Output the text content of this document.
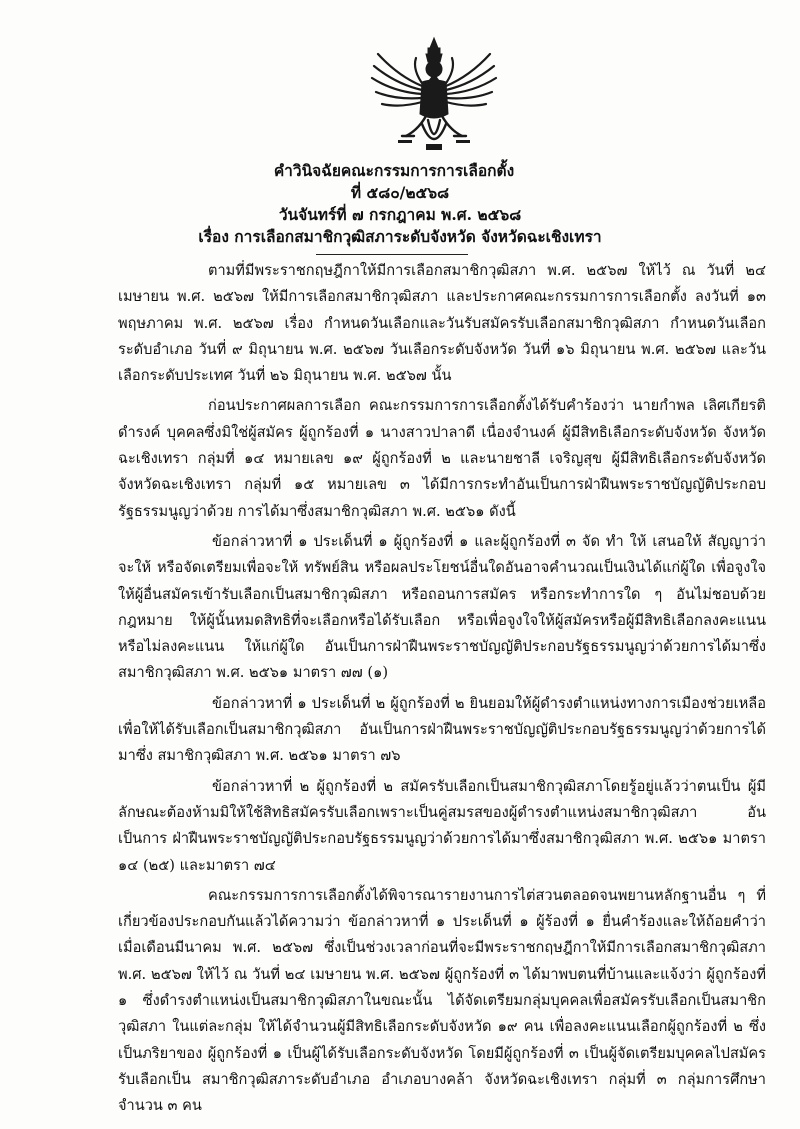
คำวินิจฉัยคณะกรรมการการเลือกตั้ง
ที่ ๕๘๐/๒๕๖๘
วันจันทร์ที่ ๗ กรกฎาคม พ.ศ. ๒๕๖๘
เรื่อง การเลือกสมาชิกวุฒิสภาระดับจังหวัด จังหวัดฉะเชิงเทรา

ตามที่มีพระราชกฤษฎีกาให้มีการเลือกสมาชิกวุฒิสภา พ.ศ. ๒๕๖๗ ให้ไว้ ณ วันที่ ๒๔ เมษายน พ.ศ. ๒๕๖๗ ให้มีการเลือกสมาชิกวุฒิสภา และประกาศคณะกรรมการการเลือกตั้ง ลงวันที่ ๑๓ พฤษภาคม พ.ศ. ๒๕๖๗ เรื่อง กำหนดวันเลือกและวันรับสมัครรับเลือกสมาชิกวุฒิสภา กำหนดวันเลือกระดับอำเภอ วันที่ ๙ มิถุนายน พ.ศ. ๒๕๖๗ วันเลือกระดับจังหวัด วันที่ ๑๖ มิถุนายน พ.ศ. ๒๕๖๗ และวันเลือกระดับประเทศ วันที่ ๒๖ มิถุนายน พ.ศ. ๒๕๖๗ นั้น

ก่อนประกาศผลการเลือก คณะกรรมการการเลือกตั้งได้รับคำร้องว่า นายกำพล เลิศเกียรติดำรงค์ บุคคลซึ่งมิใช่ผู้สมัคร ผู้ถูกร้องที่ ๑ นางสาวปาลาดี เนื่องจำนงค์ ผู้มีสิทธิเลือกระดับจังหวัด จังหวัดฉะเชิงเทรา กลุ่มที่ ๑๔ หมายเลข ๑๙ ผู้ถูกร้องที่ ๒ และนายชาลี เจริญสุข ผู้มีสิทธิเลือกระดับจังหวัด จังหวัดฉะเชิงเทรา กลุ่มที่ ๑๕ หมายเลข ๓ ได้มีการกระทำอันเป็นการฝ่าฝืนพระราชบัญญัติประกอบรัฐธรรมนูญว่าด้วย การได้มาซึ่งสมาชิกวุฒิสภา พ.ศ. ๒๕๖๑ ดังนี้

ข้อกล่าวหาที่ ๑ ประเด็นที่ ๑ ผู้ถูกร้องที่ ๑ และผู้ถูกร้องที่ ๓ จัด ทำ ให้ เสนอให้ สัญญาว่า จะให้ หรือจัดเตรียมเพื่อจะให้ ทรัพย์สิน หรือผลประโยชน์อื่นใดอันอาจคำนวณเป็นเงินได้แก่ผู้ใด เพื่อจูงใจ ให้ผู้อื่นสมัครเข้ารับเลือกเป็นสมาชิกวุฒิสภา หรือถอนการสมัคร หรือกระทำการใด ๆ อันไม่ชอบด้วยกฎหมาย ให้ผู้นั้นหมดสิทธิที่จะเลือกหรือได้รับเลือก หรือเพื่อจูงใจให้ผู้สมัครหรือผู้มีสิทธิเลือกลงคะแนนหรือไม่ลงคะแนน ให้แก่ผู้ใด อันเป็นการฝ่าฝืนพระราชบัญญัติประกอบรัฐธรรมนูญว่าด้วยการได้มาซึ่งสมาชิกวุฒิสภา พ.ศ. ๒๕๖๑ มาตรา ๗๗ (๑)

ข้อกล่าวหาที่ ๑ ประเด็นที่ ๒ ผู้ถูกร้องที่ ๒ ยินยอมให้ผู้ดำรงตำแหน่งทางการเมืองช่วยเหลือ เพื่อให้ได้รับเลือกเป็นสมาชิกวุฒิสภา อันเป็นการฝ่าฝืนพระราชบัญญัติประกอบรัฐธรรมนูญว่าด้วยการได้มาซึ่ง สมาชิกวุฒิสภา พ.ศ. ๒๕๖๑ มาตรา ๗๖

ข้อกล่าวหาที่ ๒ ผู้ถูกร้องที่ ๒ สมัครรับเลือกเป็นสมาชิกวุฒิสภาโดยรู้อยู่แล้วว่าตนเป็น ผู้มีลักษณะต้องห้ามมิให้ใช้สิทธิสมัครรับเลือกเพราะเป็นคู่สมรสของผู้ดำรงตำแหน่งสมาชิกวุฒิสภา อันเป็นการ ฝ่าฝืนพระราชบัญญัติประกอบรัฐธรรมนูญว่าด้วยการได้มาซึ่งสมาชิกวุฒิสภา พ.ศ. ๒๕๖๑ มาตรา ๑๔ (๒๕) และมาตรา ๗๔

คณะกรรมการการเลือกตั้งได้พิจารณารายงานการไต่สวนตลอดจนพยานหลักฐานอื่น ๆ ที่เกี่ยวข้องประกอบกันแล้วได้ความว่า ข้อกล่าวหาที่ ๑ ประเด็นที่ ๑ ผู้ร้องที่ ๑ ยื่นคำร้องและให้ถ้อยคำว่า เมื่อเดือนมีนาคม พ.ศ. ๒๕๖๗ ซึ่งเป็นช่วงเวลาก่อนที่จะมีพระราชกฤษฎีกาให้มีการเลือกสมาชิกวุฒิสภา พ.ศ. ๒๕๖๗ ให้ไว้ ณ วันที่ ๒๔ เมษายน พ.ศ. ๒๕๖๗ ผู้ถูกร้องที่ ๓ ได้มาพบตนที่บ้านและแจ้งว่า ผู้ถูกร้องที่ ๑ ซึ่งดำรงตำแหน่งเป็นสมาชิกวุฒิสภาในขณะนั้น ได้จัดเตรียมกลุ่มบุคคลเพื่อสมัครรับเลือกเป็นสมาชิกวุฒิสภา ในแต่ละกลุ่ม ให้ได้จำนวนผู้มีสิทธิเลือกระดับจังหวัด ๑๙ คน เพื่อลงคะแนนเลือกผู้ถูกร้องที่ ๒ ซึ่งเป็นภริยาของ ผู้ถูกร้องที่ ๑ เป็นผู้ได้รับเลือกระดับจังหวัด โดยมีผู้ถูกร้องที่ ๓ เป็นผู้จัดเตรียมบุคคลไปสมัครรับเลือกเป็น สมาชิกวุฒิสภาระดับอำเภอ อำเภอบางคล้า จังหวัดฉะเชิงเทรา กลุ่มที่ ๓ กลุ่มการศึกษา จำนวน ๓ คน
